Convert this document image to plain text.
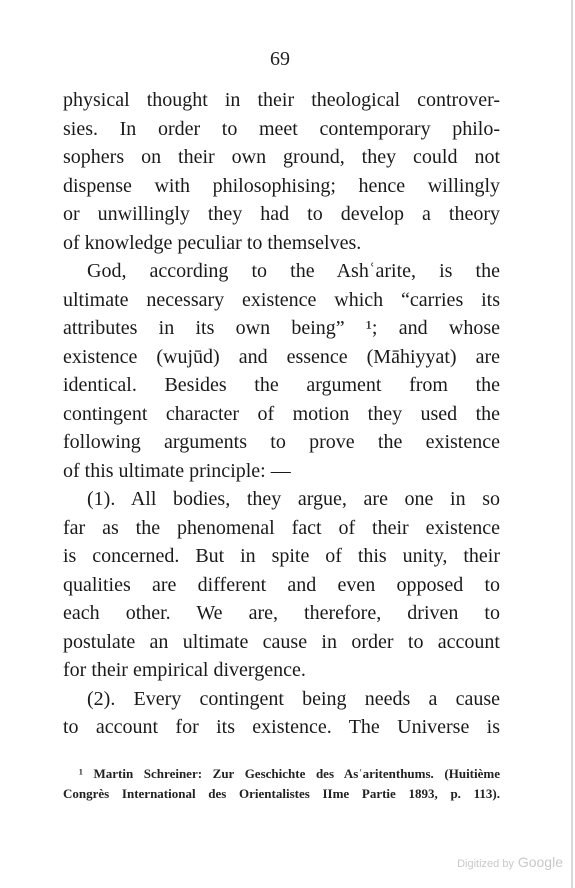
69
physical thought in their theological controver-
sies. In order to meet contemporary philo-
sophers on their own ground, they could not
dispense with philosophising; hence willingly
or unwillingly they had to develop a theory
of knowledge peculiar to themselves.
God, according to the Ashʿarite, is the
ultimate necessary existence which “carries its
attributes in its own being” ¹; and whose
existence (wujūd) and essence (Māhiyyat) are
identical. Besides the argument from the
contingent character of motion they used the
following arguments to prove the existence
of this ultimate principle: —
(1). All bodies, they argue, are one in so
far as the phenomenal fact of their existence
is concerned. But in spite of this unity, their
qualities are different and even opposed to
each other. We are, therefore, driven to
postulate an ultimate cause in order to account
for their empirical divergence.
(2). Every contingent being needs a cause
to account for its existence. The Universe is
¹ Martin Schreiner: Zur Geschichte des Asʿaritenthums. (Huitième
Congrès International des Orientalistes IIme Partie 1893, p. 113).
Digitized by Google
